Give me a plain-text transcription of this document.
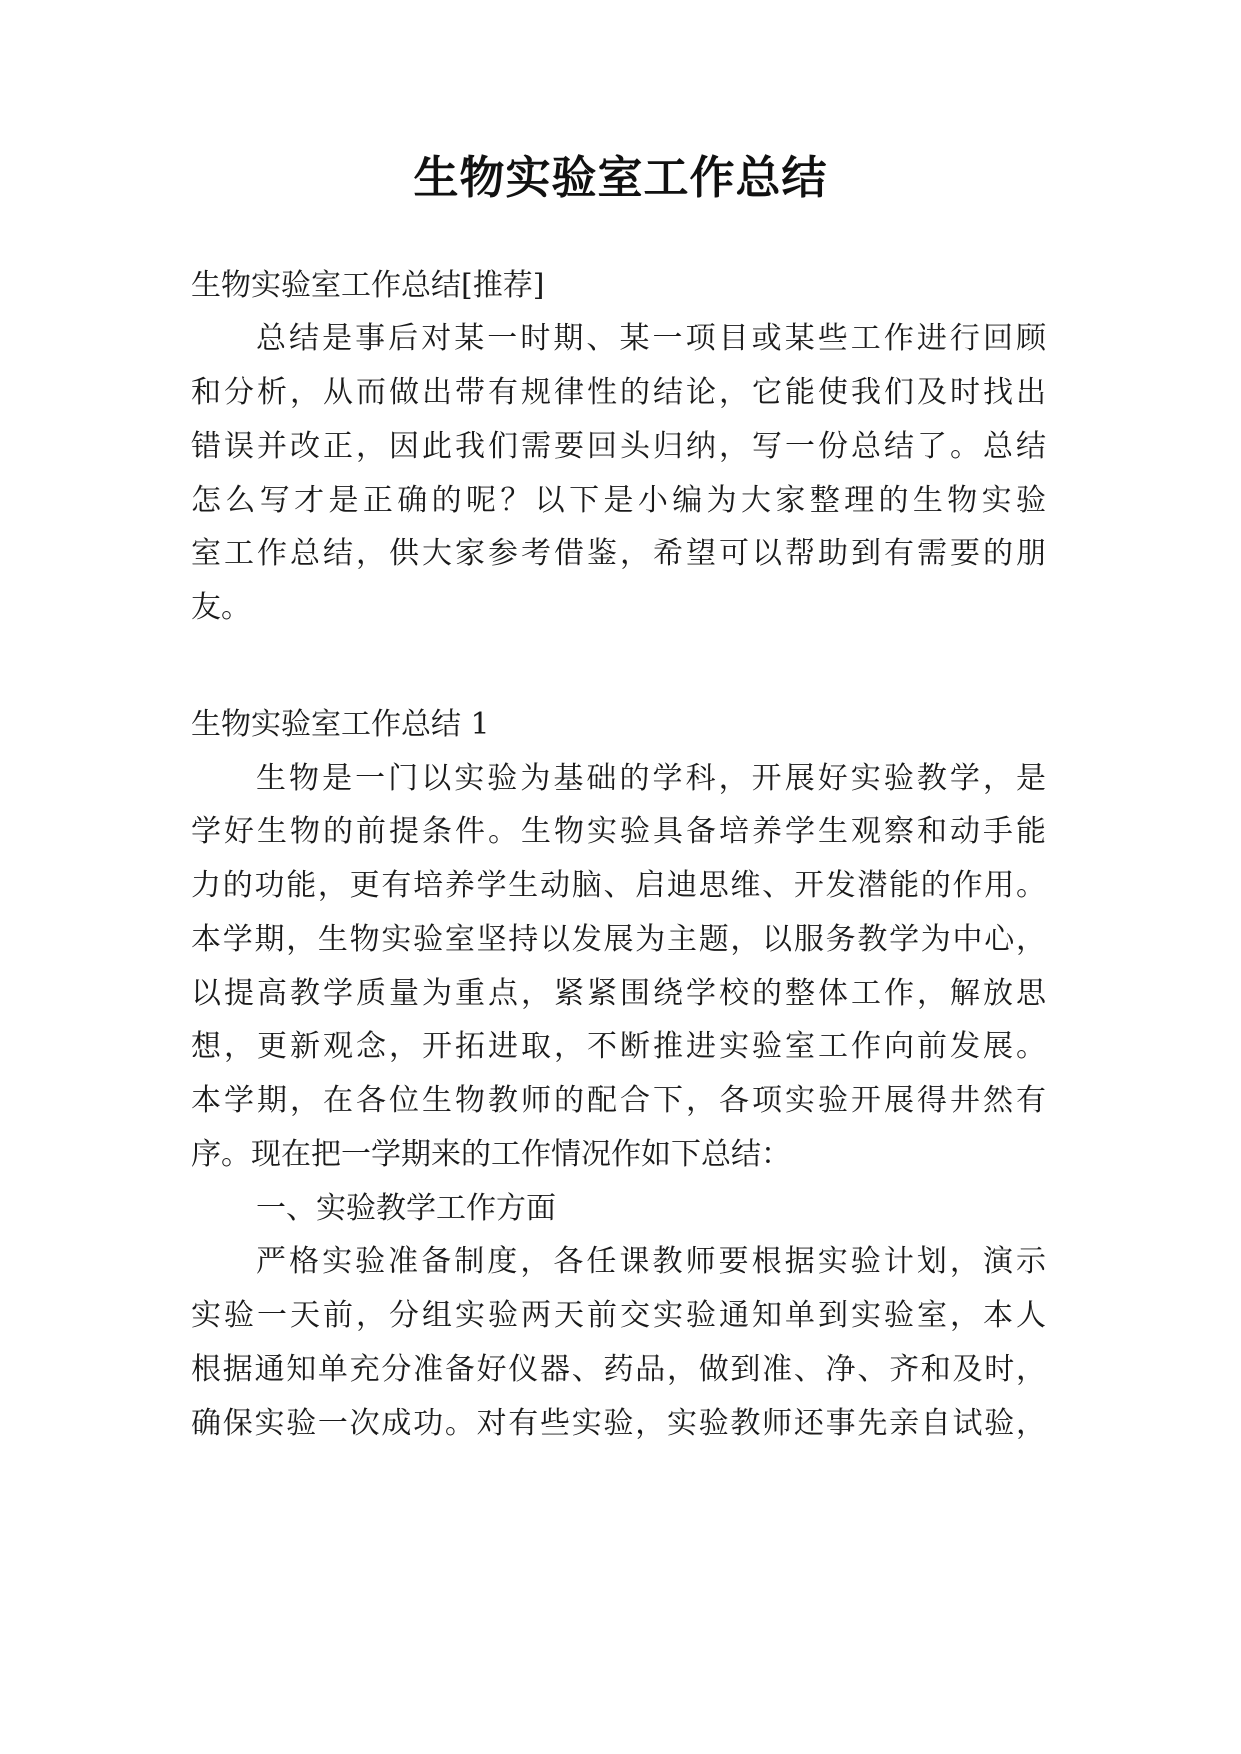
生物实验室工作总结
生物实验室工作总结[推荐]
总结是事后对某一时期、某一项目或某些工作进行回顾
和分析，从而做出带有规律性的结论，它能使我们及时找出
错误并改正，因此我们需要回头归纳，写一份总结了。总结
怎么写才是正确的呢？以下是小编为大家整理的生物实验
室工作总结，供大家参考借鉴，希望可以帮助到有需要的朋
友。
生物实验室工作总结 1
生物是一门以实验为基础的学科，开展好实验教学，是
学好生物的前提条件。生物实验具备培养学生观察和动手能
力的功能，更有培养学生动脑、启迪思维、开发潜能的作用。
本学期，生物实验室坚持以发展为主题，以服务教学为中心，
以提高教学质量为重点，紧紧围绕学校的整体工作，解放思
想，更新观念，开拓进取，不断推进实验室工作向前发展。
本学期，在各位生物教师的配合下，各项实验开展得井然有
序。现在把一学期来的工作情况作如下总结：
一、实验教学工作方面
严格实验准备制度，各任课教师要根据实验计划，演示
实验一天前，分组实验两天前交实验通知单到实验室，本人
根据通知单充分准备好仪器、药品，做到准、净、齐和及时，
确保实验一次成功。对有些实验，实验教师还事先亲自试验，
